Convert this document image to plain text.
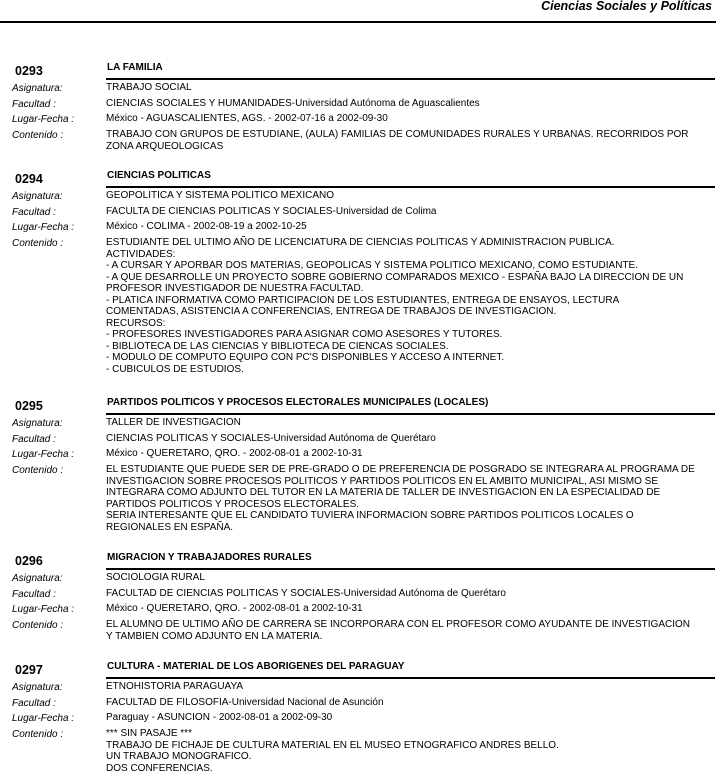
Ciencias Sociales y Políticas
0293	LA FAMILIA
Asignatura:	TRABAJO SOCIAL
Facultad :	CIENCIAS SOCIALES Y HUMANIDADES-Universidad Autónoma de Aguascalientes
Lugar-Fecha :	México - AGUASCALIENTES, AGS. - 2002-07-16 a 2002-09-30
Contenido :	TRABAJO CON GRUPOS DE ESTUDIANE, (AULA) FAMILIAS DE COMUNIDADES RURALES Y URBANAS. RECORRIDOS POR
ZONA ARQUEOLOGICAS
0294	CIENCIAS POLITICAS
Asignatura:	GEOPOLITICA Y SISTEMA POLITICO MEXICANO
Facultad :	FACULTA DE CIENCIAS POLITICAS Y SOCIALES-Universidad de Colima
Lugar-Fecha :	México - COLIMA - 2002-08-19 a 2002-10-25
Contenido :	ESTUDIANTE DEL ULTIMO AÑO DE LICENCIATURA DE CIENCIAS POLITICAS Y ADMINISTRACION PUBLICA.
ACTIVIDADES:
- A CURSAR Y APORBAR DOS MATERIAS, GEOPOLICAS Y SISTEMA POLITICO MEXICANO, COMO ESTUDIANTE.
- A QUE DESARROLLE UN PROYECTO SOBRE GOBIERNO COMPARADOS MEXICO - ESPAÑA BAJO LA DIRECCION DE UN
PROFESOR INVESTIGADOR DE NUESTRA FACULTAD.
- PLATICA INFORMATIVA COMO PARTICIPACION DE LOS ESTUDIANTES, ENTREGA DE ENSAYOS, LECTURA
COMENTADAS, ASISTENCIA A CONFERENCIAS, ENTREGA DE TRABAJOS DE INVESTIGACION.
RECURSOS:
- PROFESORES INVESTIGADORES PARA ASIGNAR COMO ASESORES Y TUTORES.
- BIBLIOTECA DE LAS CIENCIAS Y BIBLIOTECA DE CIENCAS SOCIALES.
- MODULO DE COMPUTO EQUIPO CON PC'S DISPONIBLES Y ACCESO A INTERNET.
- CUBICULOS DE ESTUDIOS.
0295	PARTIDOS POLITICOS Y PROCESOS ELECTORALES MUNICIPALES (LOCALES)
Asignatura:	TALLER DE INVESTIGACION
Facultad :	CIENCIAS POLITICAS Y SOCIALES-Universidad Autónoma de Querétaro
Lugar-Fecha :	México - QUERETARO, QRO. - 2002-08-01 a 2002-10-31
Contenido :	EL ESTUDIANTE QUE PUEDE SER DE PRE-GRADO O DE PREFERENCIA DE POSGRADO SE INTEGRARA AL PROGRAMA DE
INVESTIGACION SOBRE PROCESOS POLITICOS Y PARTIDOS POLITICOS EN EL AMBITO MUNICIPAL, ASI MISMO SE
INTEGRARA COMO ADJUNTO DEL TUTOR EN LA MATERIA DE TALLER DE INVESTIGACION EN LA ESPECIALIDAD DE
PARTIDOS POLITICOS Y PROCESOS ELECTORALES.
SERIA INTERESANTE QUE EL CANDIDATO TUVIERA INFORMACION SOBRE PARTIDOS POLITICOS LOCALES O
REGIONALES EN ESPAÑA.
0296	MIGRACION Y TRABAJADORES RURALES
Asignatura:	SOCIOLOGIA RURAL
Facultad :	FACULTAD DE CIENCIAS POLITICAS Y SOCIALES-Universidad Autónoma de Querétaro
Lugar-Fecha :	México - QUERETARO, QRO. - 2002-08-01 a 2002-10-31
Contenido :	EL ALUMNO DE ULTIMO AÑO DE CARRERA SE INCORPORARA CON EL PROFESOR COMO AYUDANTE DE INVESTIGACION
Y TAMBIEN COMO ADJUNTO EN LA MATERIA.
0297	CULTURA - MATERIAL DE LOS ABORIGENES DEL PARAGUAY
Asignatura:	ETNOHISTORIA PARAGUAYA
Facultad :	FACULTAD DE FILOSOFIA-Universidad Nacional de Asunción
Lugar-Fecha :	Paraguay - ASUNCION - 2002-08-01 a 2002-09-30
Contenido :	*** SIN PASAJE ***
TRABAJO DE FICHAJE DE CULTURA MATERIAL EN EL MUSEO ETNOGRAFICO ANDRES BELLO.
UN TRABAJO MONOGRAFICO.
DOS CONFERENCIAS.
